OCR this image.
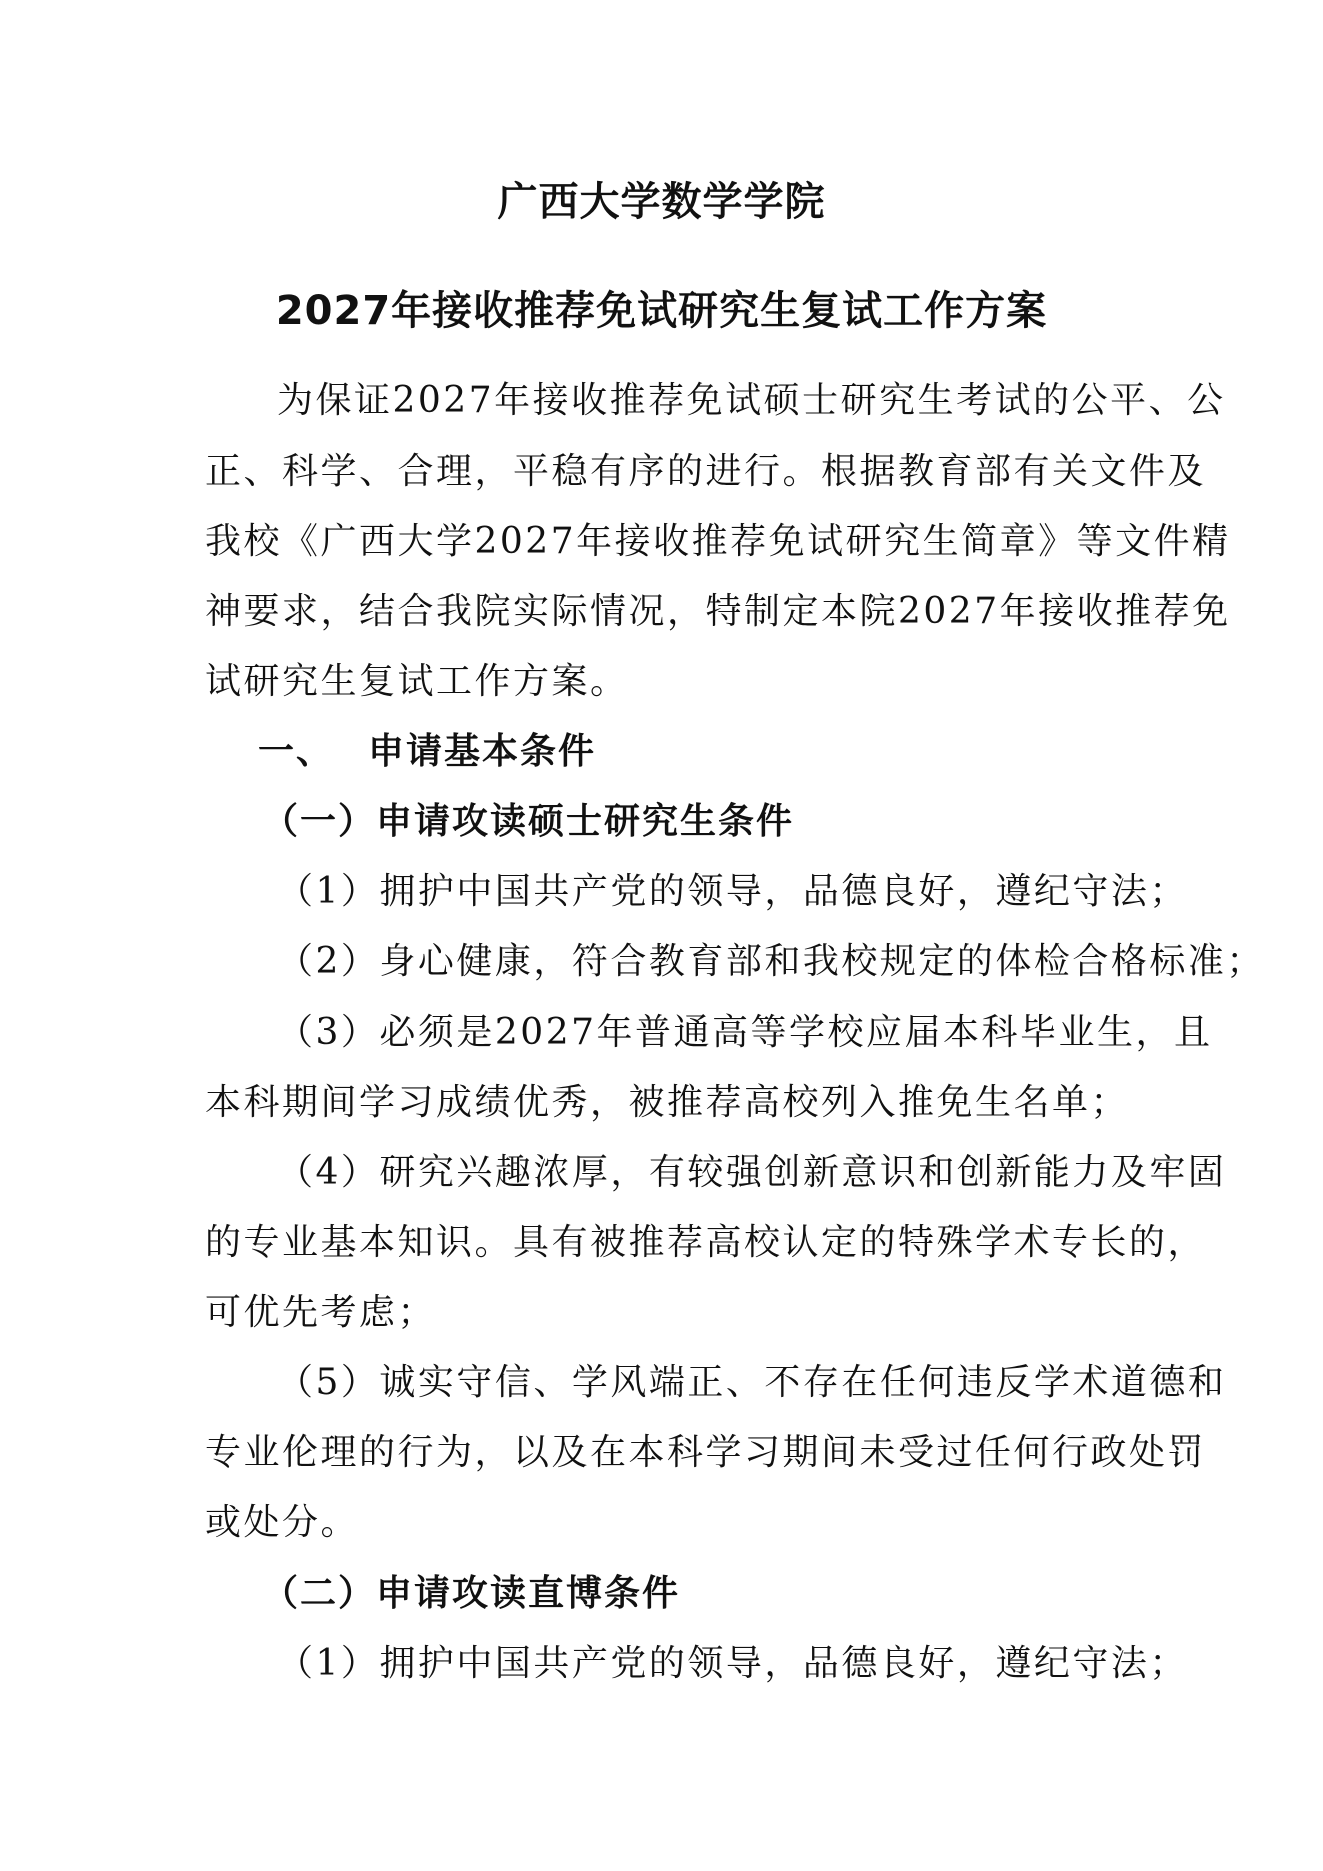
广西大学数学学院
2027年接收推荐免试研究生复试工作方案
为保证2027年接收推荐免试硕士研究生考试的公平、公
正、科学、合理，平稳有序的进行。根据教育部有关文件及
我校《广西大学2027年接收推荐免试研究生简章》等文件精
神要求，结合我院实际情况，特制定本院2027年接收推荐免
试研究生复试工作方案。
一、 申请基本条件
（一）申请攻读硕士研究生条件
（1）拥护中国共产党的领导，品德良好，遵纪守法；
（2）身心健康，符合教育部和我校规定的体检合格标准；
（3）必须是2027年普通高等学校应届本科毕业生，且
本科期间学习成绩优秀，被推荐高校列入推免生名单；
（4）研究兴趣浓厚，有较强创新意识和创新能力及牢固
的专业基本知识。具有被推荐高校认定的特殊学术专长的，
可优先考虑；
（5）诚实守信、学风端正、不存在任何违反学术道德和
专业伦理的行为，以及在本科学习期间未受过任何行政处罚
或处分。
（二）申请攻读直博条件
（1）拥护中国共产党的领导，品德良好，遵纪守法；
